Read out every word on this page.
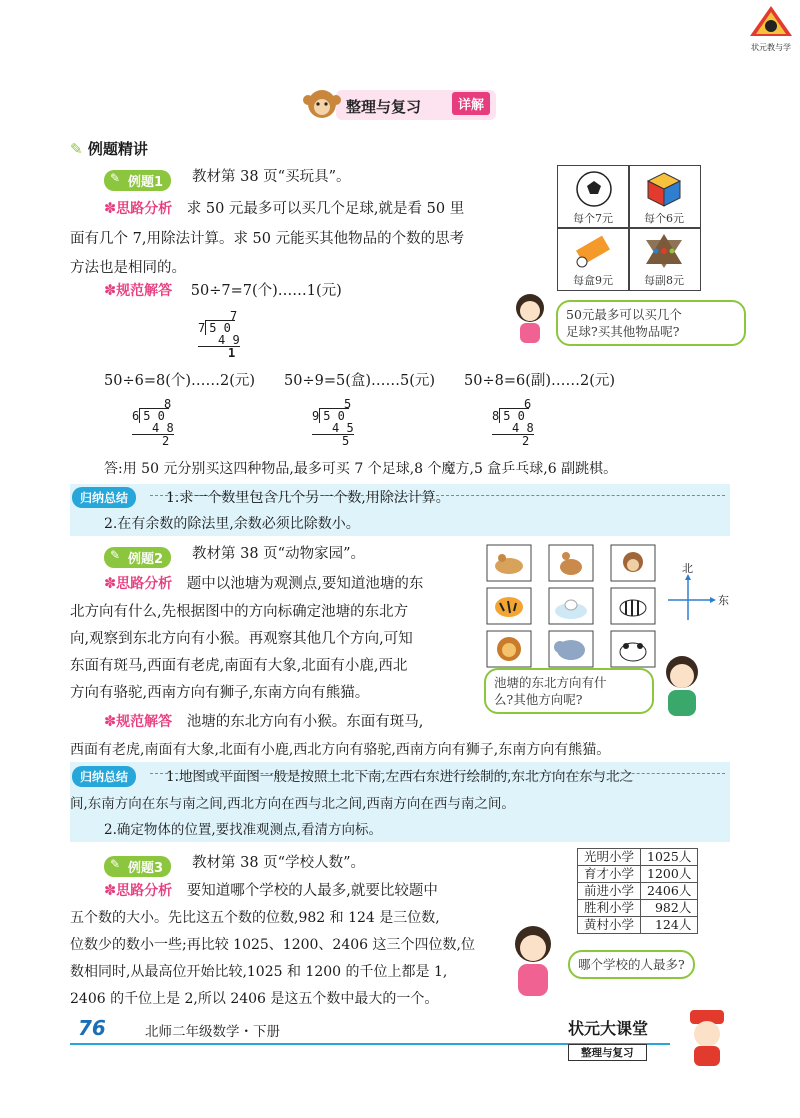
状元教与学
整理与复习	详解
✎ 例题精讲
✎ 例题1	教材第 38 页“买玩具”。
✽思路分析 求 50 元最多可以买几个足球,就是看 50 里
面有几个 7,用除法计算。求 50 元能买其他物品的个数的思考
方法也是相同的。
✽规范解答 50÷7=7(个)……1(元)
7
7 5 0
4 9
1
50÷6=8(个)……2(元) 50÷9=5(盒)……5(元) 50÷8=6(副)……2(元)
8
6 5 0
4 8
2
5
9 5 0
4 5
5
6
8 5 0
4 8
2
答:用 50 元分别买这四种物品,最多可买 7 个足球,8 个魔方,5 盒乒乓球,6 副跳棋。
每个7元	每个6元
每盒9元	每副8元
50元最多可以买几个
足球?买其他物品呢?
归纳总结	1.求一个数里包含几个另一个数,用除法计算。
2.在有余数的除法里,余数必须比除数小。
✎ 例题2	教材第 38 页“动物家园”。
✽思路分析 题中以池塘为观测点,要知道池塘的东
北方向有什么,先根据图中的方向标确定池塘的东北方
向,观察到东北方向有小猴。再观察其他几个方向,可知
东面有斑马,西面有老虎,南面有大象,北面有小鹿,西北
方向有骆驼,西南方向有狮子,东南方向有熊猫。
✽规范解答 池塘的东北方向有小猴。东面有斑马,
西面有老虎,南面有大象,北面有小鹿,西北方向有骆驼,西南方向有狮子,东南方向有熊猫。
北
东
池塘的东北方向有什
么?其他方向呢?
归纳总结	1.地图或平面图一般是按照上北下南,左西右东进行绘制的,东北方向在东与北之
间,东南方向在东与南之间,西北方向在西与北之间,西南方向在西与南之间。
2.确定物体的位置,要找准观测点,看清方向标。
✎ 例题3	教材第 38 页“学校人数”。
✽思路分析 要知道哪个学校的人最多,就要比较题中
五个数的大小。先比这五个数的位数,982 和 124 是三位数,
位数少的数小一些;再比较 1025、1200、2406 这三个四位数,位
数相同时,从最高位开始比较,1025 和 1200 的千位上都是 1,
2406 的千位上是 2,所以 2406 是这五个数中最大的一个。
光明小学	1025人
育才小学	1200人
前进小学	2406人
胜利小学	982人
黄村小学	124人
哪个学校的人最多?
76	北师二年级数学・下册	状元大课堂
整理与复习
